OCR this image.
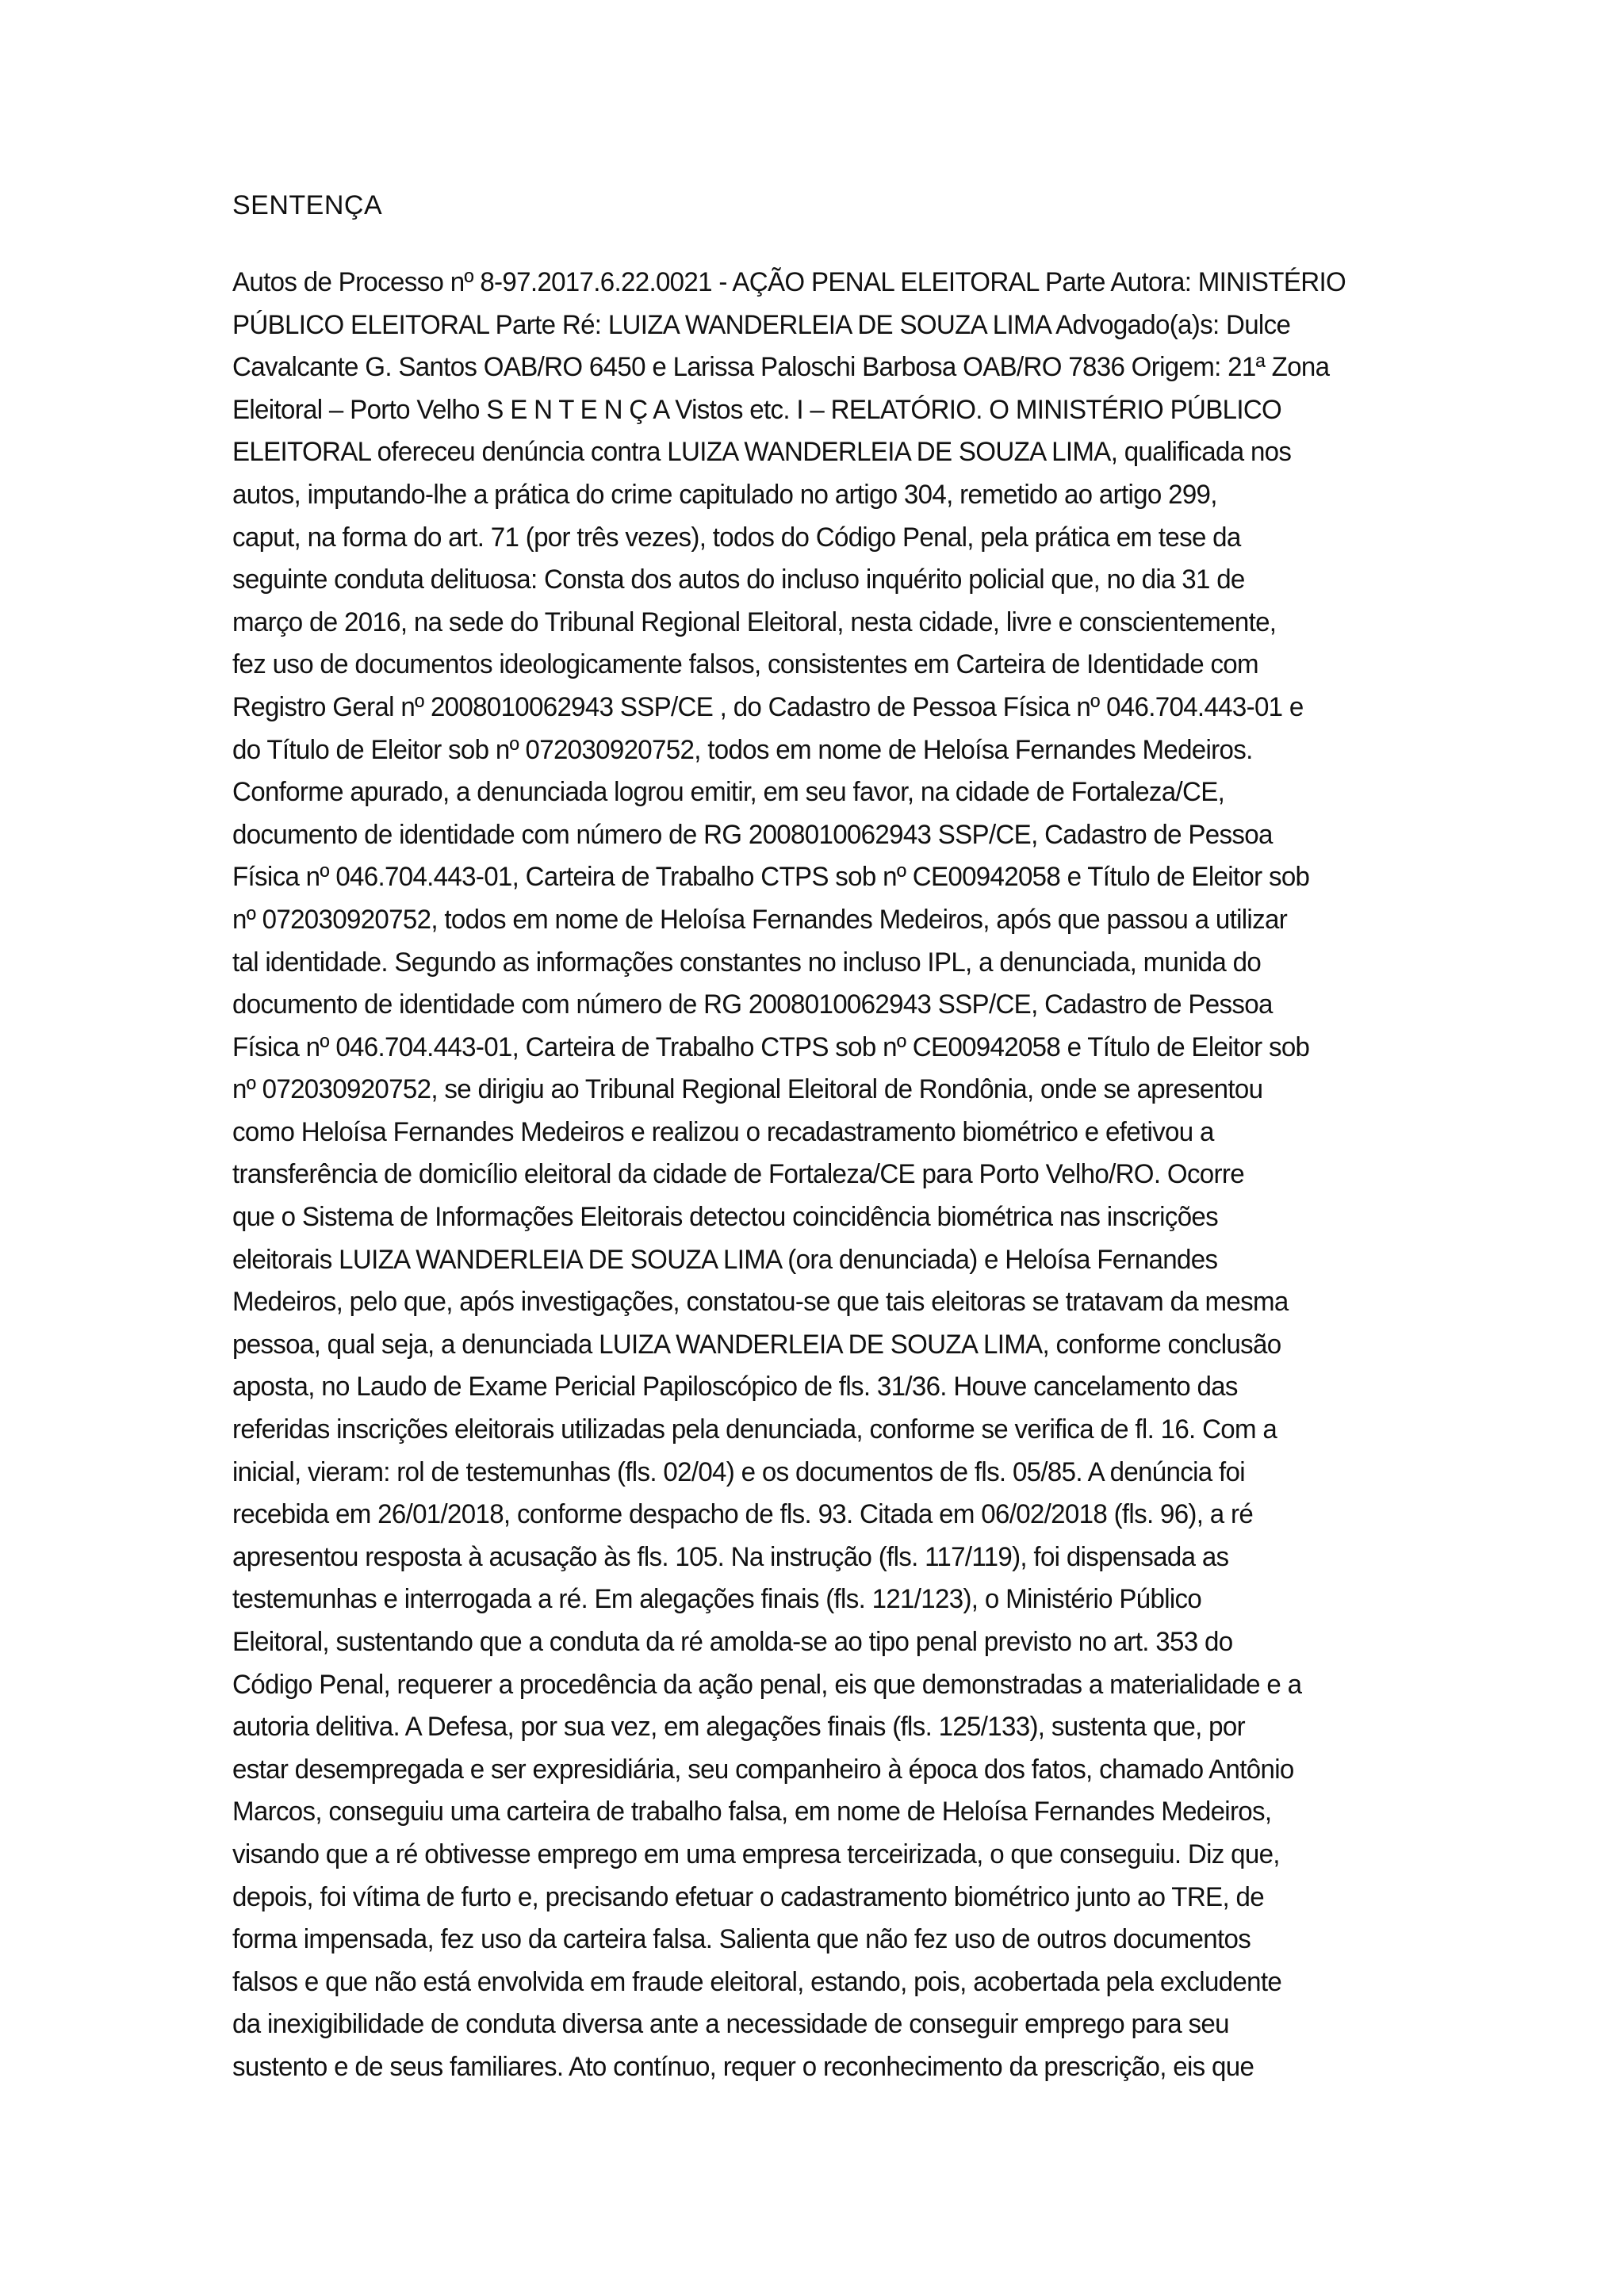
SENTENÇA
Autos de Processo nº 8-97.2017.6.22.0021 - AÇÃO PENAL ELEITORAL Parte Autora: MINISTÉRIO
PÚBLICO ELEITORAL Parte Ré: LUIZA WANDERLEIA DE SOUZA LIMA Advogado(a)s: Dulce
Cavalcante G. Santos OAB/RO 6450 e Larissa Paloschi Barbosa OAB/RO 7836 Origem: 21ª Zona
Eleitoral – Porto Velho S E N T E N Ç A Vistos etc. I – RELATÓRIO. O MINISTÉRIO PÚBLICO
ELEITORAL ofereceu denúncia contra LUIZA WANDERLEIA DE SOUZA LIMA, qualificada nos
autos, imputando-lhe a prática do crime capitulado no artigo 304, remetido ao artigo 299,
caput, na forma do art. 71 (por três vezes), todos do Código Penal, pela prática em tese da
seguinte conduta delituosa: Consta dos autos do incluso inquérito policial que, no dia 31 de
março de 2016, na sede do Tribunal Regional Eleitoral, nesta cidade, livre e conscientemente,
fez uso de documentos ideologicamente falsos, consistentes em Carteira de Identidade com
Registro Geral nº 2008010062943 SSP/CE , do Cadastro de Pessoa Física nº 046.704.443-01 e
do Título de Eleitor sob nº 072030920752, todos em nome de Heloísa Fernandes Medeiros.
Conforme apurado, a denunciada logrou emitir, em seu favor, na cidade de Fortaleza/CE,
documento de identidade com número de RG 2008010062943 SSP/CE, Cadastro de Pessoa
Física nº 046.704.443-01, Carteira de Trabalho CTPS sob nº CE00942058 e Título de Eleitor sob
nº 072030920752, todos em nome de Heloísa Fernandes Medeiros, após que passou a utilizar
tal identidade. Segundo as informações constantes no incluso IPL, a denunciada, munida do
documento de identidade com número de RG 2008010062943 SSP/CE, Cadastro de Pessoa
Física nº 046.704.443-01, Carteira de Trabalho CTPS sob nº CE00942058 e Título de Eleitor sob
nº 072030920752, se dirigiu ao Tribunal Regional Eleitoral de Rondônia, onde se apresentou
como Heloísa Fernandes Medeiros e realizou o recadastramento biométrico e efetivou a
transferência de domicílio eleitoral da cidade de Fortaleza/CE para Porto Velho/RO. Ocorre
que o Sistema de Informações Eleitorais detectou coincidência biométrica nas inscrições
eleitorais LUIZA WANDERLEIA DE SOUZA LIMA (ora denunciada) e Heloísa Fernandes
Medeiros, pelo que, após investigações, constatou-se que tais eleitoras se tratavam da mesma
pessoa, qual seja, a denunciada LUIZA WANDERLEIA DE SOUZA LIMA, conforme conclusão
aposta, no Laudo de Exame Pericial Papiloscópico de fls. 31/36. Houve cancelamento das
referidas inscrições eleitorais utilizadas pela denunciada, conforme se verifica de fl. 16. Com a
inicial, vieram: rol de testemunhas (fls. 02/04) e os documentos de fls. 05/85. A denúncia foi
recebida em 26/01/2018, conforme despacho de fls. 93. Citada em 06/02/2018 (fls. 96), a ré
apresentou resposta à acusação às fls. 105. Na instrução (fls. 117/119), foi dispensada as
testemunhas e interrogada a ré. Em alegações finais (fls. 121/123), o Ministério Público
Eleitoral, sustentando que a conduta da ré amolda-se ao tipo penal previsto no art. 353 do
Código Penal, requerer a procedência da ação penal, eis que demonstradas a materialidade e a
autoria delitiva. A Defesa, por sua vez, em alegações finais (fls. 125/133), sustenta que, por
estar desempregada e ser expresidiária, seu companheiro à época dos fatos, chamado Antônio
Marcos, conseguiu uma carteira de trabalho falsa, em nome de Heloísa Fernandes Medeiros,
visando que a ré obtivesse emprego em uma empresa terceirizada, o que conseguiu. Diz que,
depois, foi vítima de furto e, precisando efetuar o cadastramento biométrico junto ao TRE, de
forma impensada, fez uso da carteira falsa. Salienta que não fez uso de outros documentos
falsos e que não está envolvida em fraude eleitoral, estando, pois, acobertada pela excludente
da inexigibilidade de conduta diversa ante a necessidade de conseguir emprego para seu
sustento e de seus familiares. Ato contínuo, requer o reconhecimento da prescrição, eis que
